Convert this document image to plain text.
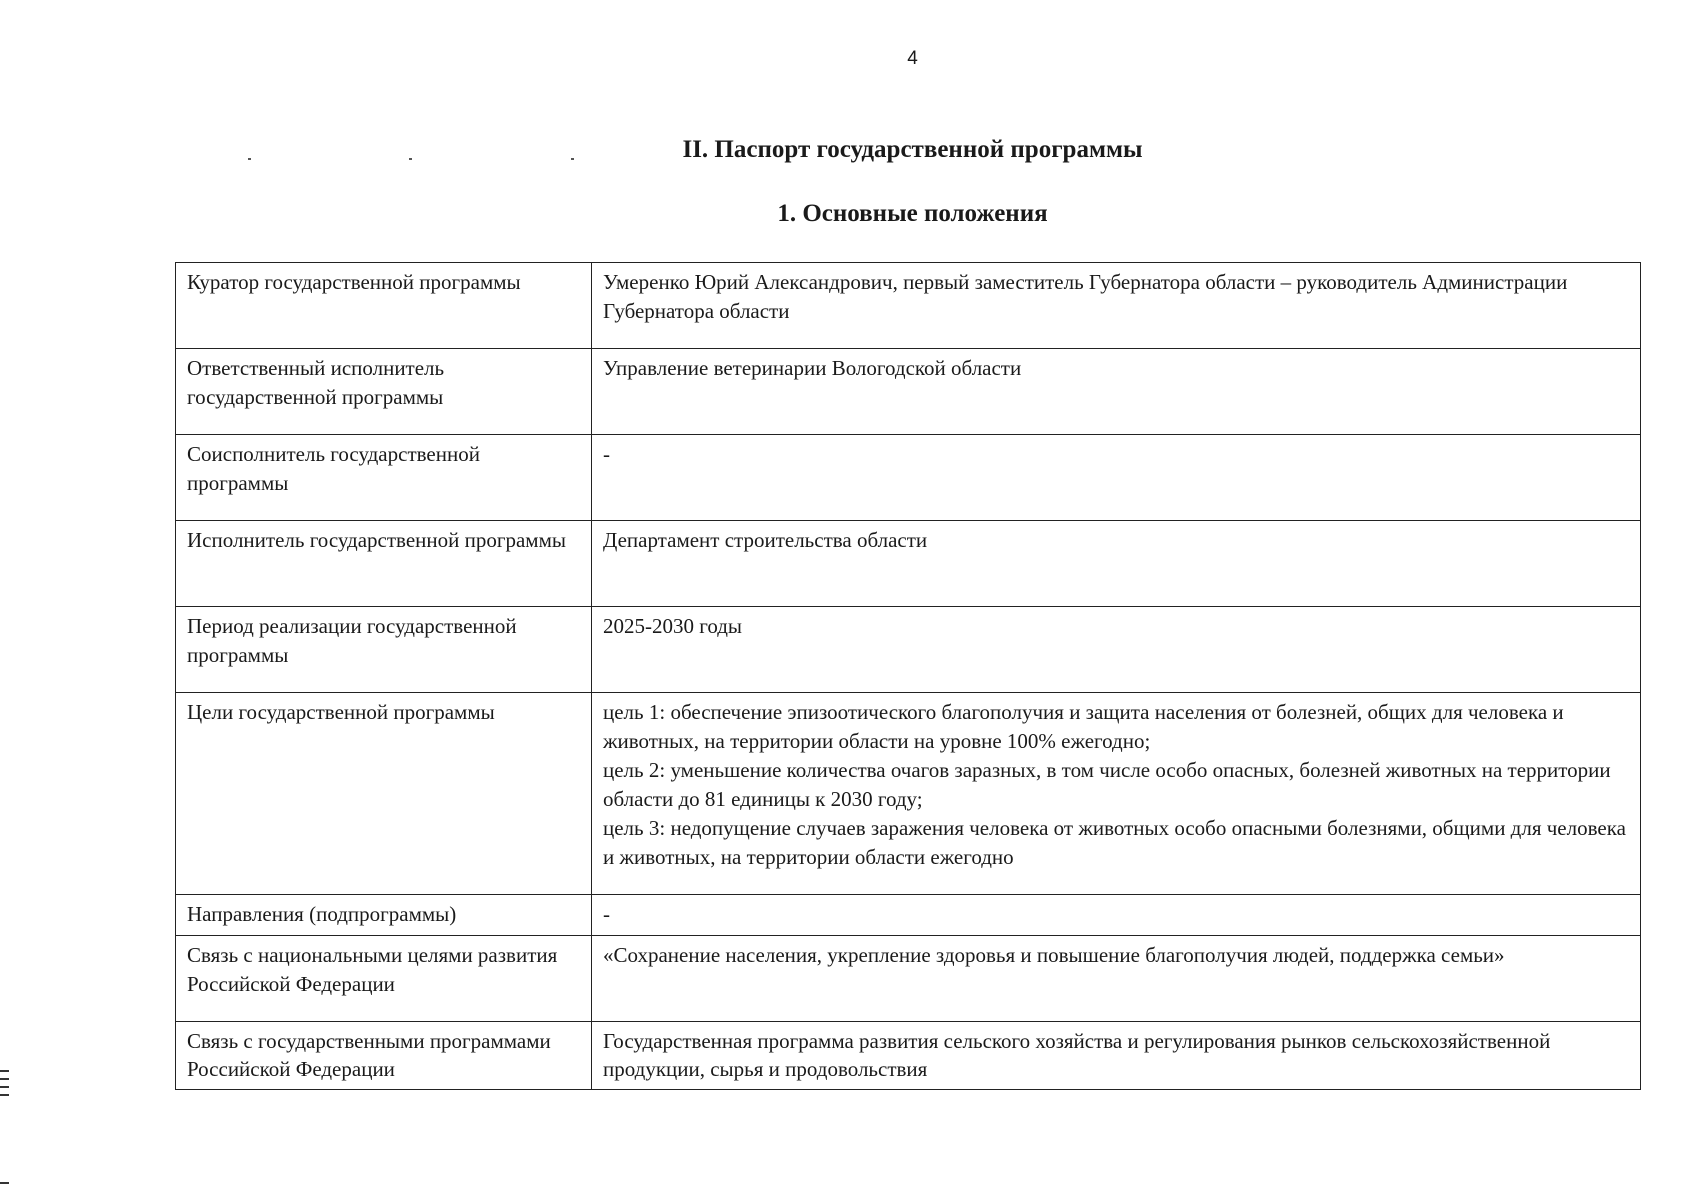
4
II. Паспорт государственной программы
1. Основные положения
Куратор государственной программы	Умеренко Юрий Александрович, первый заместитель Губернатора области – руководитель Администрации Губернатора области
Ответственный исполнитель государственной программы	Управление ветеринарии Вологодской области
Соисполнитель государственной программы	-
Исполнитель государственной программы	Департамент строительства области
Период реализации государственной программы	2025-2030 годы
Цели государственной программы	цель 1: обеспечение эпизоотического благополучия и защита населения от болезней, общих для человека и животных, на территории области на уровне 100% ежегодно;
цель 2: уменьшение количества очагов заразных, в том числе особо опасных, болезней животных на территории области до 81 единицы к 2030 году;
цель 3: недопущение случаев заражения человека от животных особо опасными болезнями, общими для человека и животных, на территории области ежегодно

Направления (подпрограммы)	-
Связь с национальными целями развития Российской Федерации	«Сохранение населения, укрепление здоровья и повышение благополучия людей, поддержка семьи»
Связь с государственными программами Российской Федерации	Государственная программа развития сельского хозяйства и регулирования рынков сельскохозяйственной продукции, сырья и продовольствия
